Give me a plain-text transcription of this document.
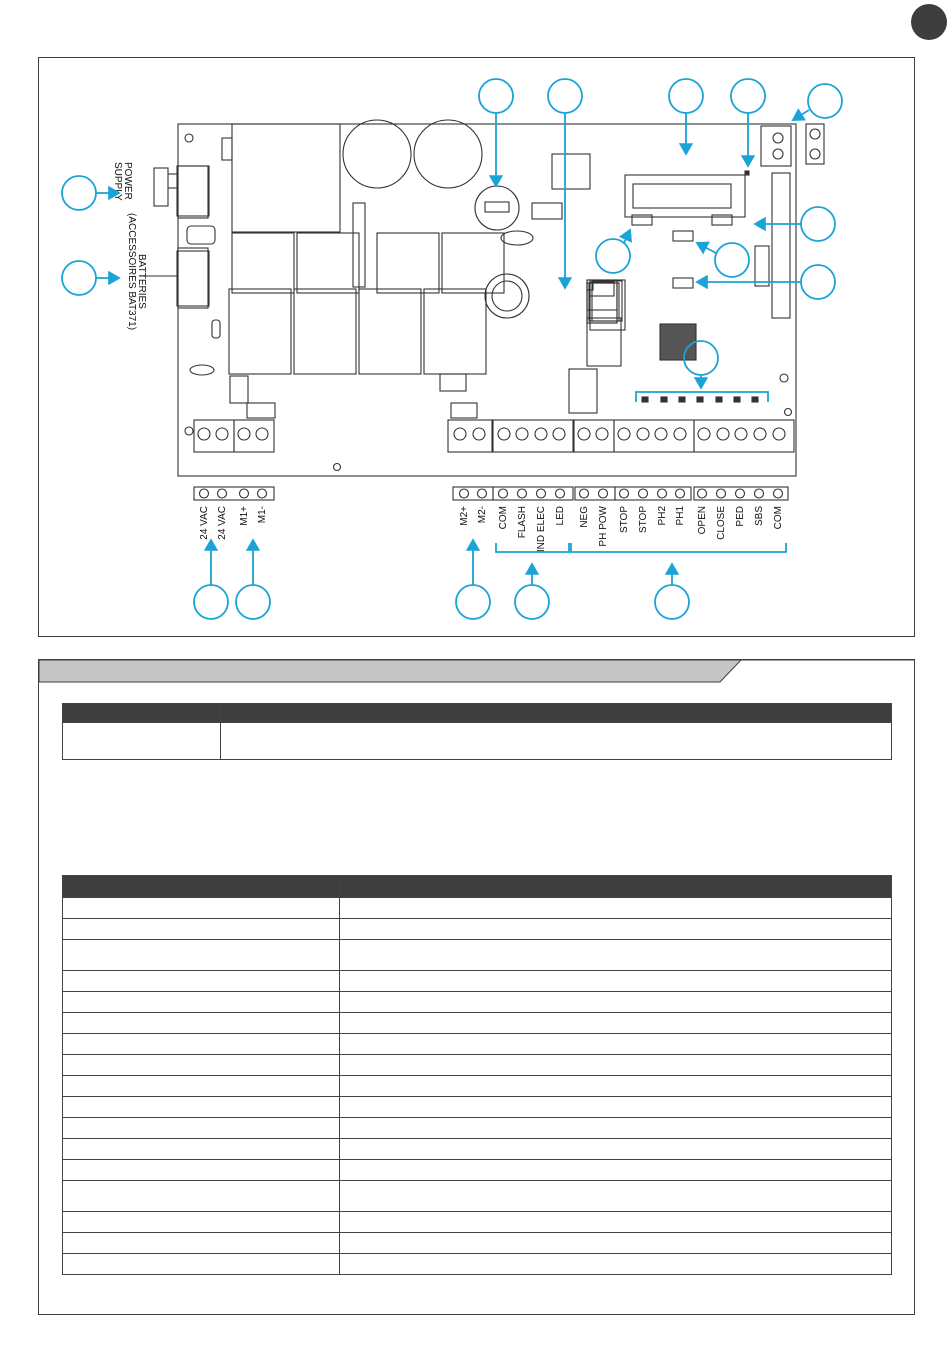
POWER
SUPPLY
BATTERIES
(ACCESSOIRES BAT371)
24 VAC 24 VAC M1+ M1-	M2+ M2- COM FLASH IND ELEC LED NEG PH POW STOP STOP PH2 PH1 OPEN CLOSE PED SBS COM
